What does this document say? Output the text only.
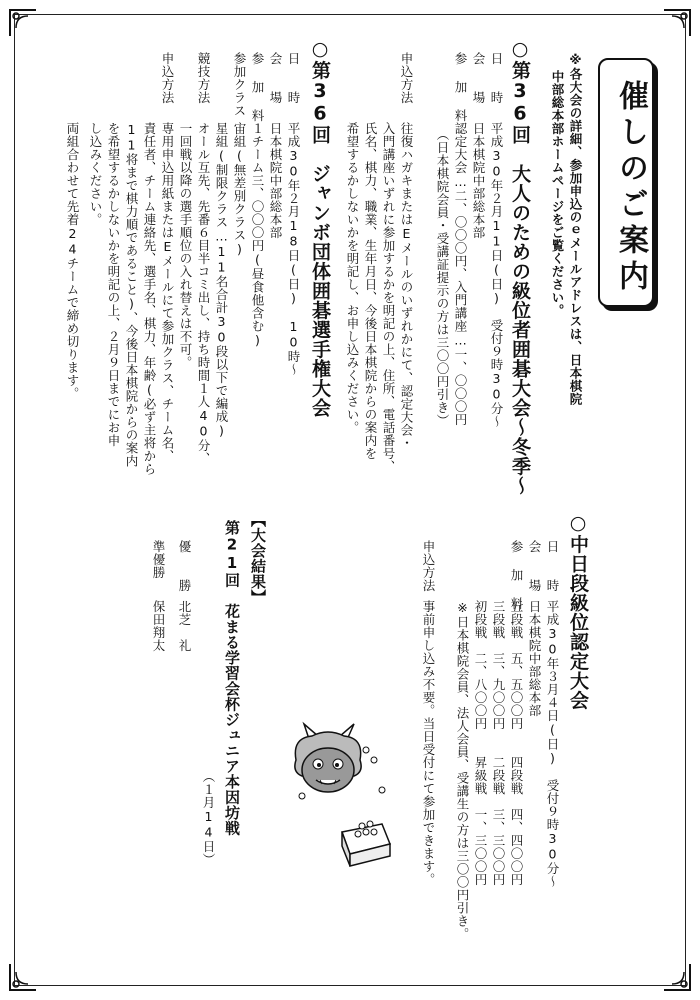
催しのご案内
※各大会の詳細、参加申込のｅメールアドレスは、日本棋院
中部総本部ホームページをご覧ください。
○第36回　大人のための級位者囲碁大会～冬季～
日　　時
会　　場
参 加 料
申込方法
平成30年２月11日(日)　受付９時30分～
日本棋院中部総本部
認定大会…二、〇〇〇円、入門講座…一、〇〇〇円
（日本棋院会員・受講証提示の方は三〇〇円引き）
往復ハガキまたはEメールのいずれかにて、認定大会・
入門講座いずれに参加するかを明記の上、住所、電話番号、
氏名、棋力、職業、生年月日、今後日本棋院からの案内を
希望するかしないかを明記し、お申し込みください。
○第36回　ジャンボ団体囲碁選手権大会
日　　時
会　　場
参 加 料
参加クラス
競技方法
申込方法
平成30年２月18日(日)　10時～
日本棋院中部総本部
１チーム三、〇〇〇円(昼食他含む)
宙組(無差別クラス)
星組(制限クラス…11名合計30段以下で編成)
オール互先、先番６目半コミ出し、持ち時間１人40分、
一回戦以降の選手順位の入れ替えは不可。
専用申込用紙またはEメールにて参加クラス、チーム名、
責任者、チーム連絡先、選手名、棋力、年齢(必ず主将から
11将まで棋力順であること)、今後日本棋院からの案内
を希望するかしないかを明記の上、２月９日までにお申
し込みください。
両組合わせて先着24チームで締め切ります。
○中日段級位認定大会
日　　時
会　　場
参 加 料
申込方法
平成30年３月４日(日)　受付９時30分～
日本棋院中部総本部
五段戦　五、五〇〇円　　四段戦　四、四〇〇円
三段戦　三、九〇〇円　　二段戦　三、三〇〇円
初段戦　二、八〇〇円　　昇級戦　一、三〇〇円
※日本棋院会員、法人会員、受講生の方は三〇〇円引き。
事前申し込み不要。当日受付にて参加できます。
【大会結果】
第21回　花まる学習会杯ジュニア本因坊戦
（１月14日）
優　　勝
北芝　礼
準優勝
保田翔太
